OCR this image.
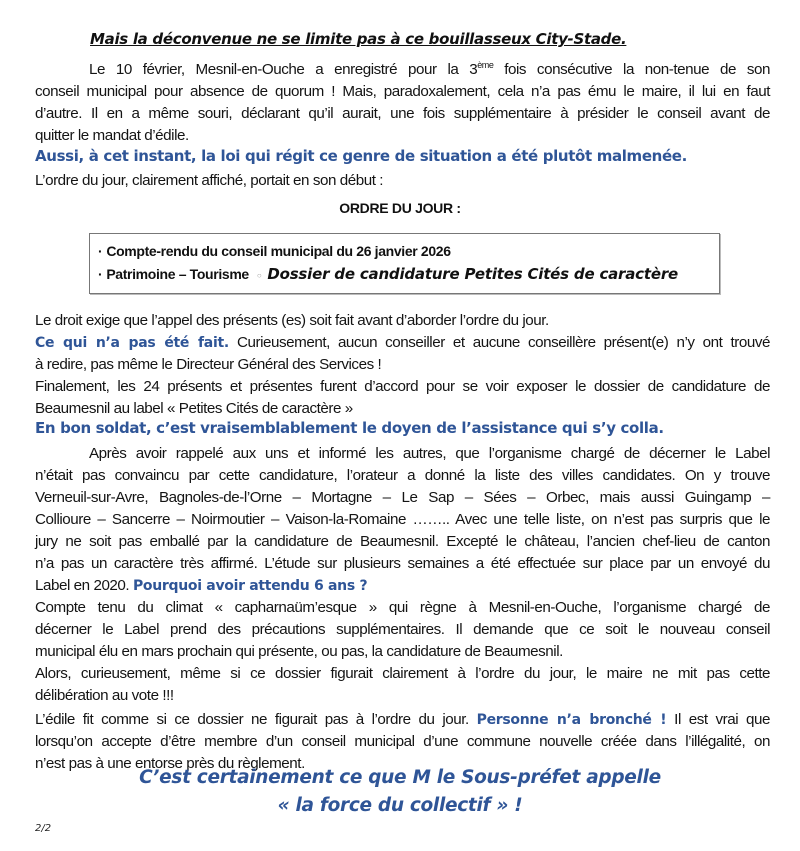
Mais la déconvenue ne se limite pas à ce bouillasseux City-Stade.
Le 10 février, Mesnil-en-Ouche a enregistré pour la 3ème fois consécutive la non-tenue de son
conseil municipal pour absence de quorum ! Mais, paradoxalement, cela n’a pas ému le maire, il lui en faut
d’autre. Il en a même souri, déclarant qu’il aurait, une fois supplémentaire à présider le conseil avant de
quitter le mandat d’édile.
Aussi, à cet instant, la loi qui régit ce genre de situation a été plutôt malmenée.
L’ordre du jour, clairement affiché, portait en son début :
ORDRE DU JOUR :
· Compte-rendu du conseil municipal du 26 janvier 2026
· Patrimoine – Tourisme ○ Dossier de candidature Petites Cités de caractère
Le droit exige que l’appel des présents (es) soit fait avant d’aborder l’ordre du jour.
Ce qui n’a pas été fait. Curieusement, aucun conseiller et aucune conseillère présent(e) n’y ont trouvé
à redire, pas même le Directeur Général des Services !
Finalement, les 24 présents et présentes furent d’accord pour se voir exposer le dossier de candidature de
Beaumesnil au label « Petites Cités de caractère »
En bon soldat, c’est vraisemblablement le doyen de l’assistance qui s’y colla.
Après avoir rappelé aux uns et informé les autres, que l’organisme chargé de décerner le Label
n’était pas convaincu par cette candidature, l’orateur a donné la liste des villes candidates. On y trouve
Verneuil-sur-Avre, Bagnoles-de-l’Orne – Mortagne – Le Sap – Sées – Orbec, mais aussi Guingamp –
Collioure – Sancerre – Noirmoutier – Vaison-la-Romaine …….. Avec une telle liste, on n’est pas surpris que le
jury ne soit pas emballé par la candidature de Beaumesnil. Excepté le château, l’ancien chef-lieu de canton
n’a pas un caractère très affirmé. L’étude sur plusieurs semaines a été effectuée sur place par un envoyé du
Label en 2020. Pourquoi avoir attendu 6 ans ?
Compte tenu du climat « capharnaüm’esque » qui règne à Mesnil-en-Ouche, l’organisme chargé de
décerner le Label prend des précautions supplémentaires. Il demande que ce soit le nouveau conseil
municipal élu en mars prochain qui présente, ou pas, la candidature de Beaumesnil.
Alors, curieusement, même si ce dossier figurait clairement à l’ordre du jour, le maire ne mit pas cette
délibération au vote !!!
L’édile fit comme si ce dossier ne figurait pas à l’ordre du jour. Personne n’a bronché ! Il est vrai que
lorsqu’on accepte d’être membre d’un conseil municipal d’une commune nouvelle créée dans l’illégalité, on
n’est pas à une entorse près du règlement.
C’est certainement ce que M le Sous-préfet appelle
« la force du collectif » !
2/2
